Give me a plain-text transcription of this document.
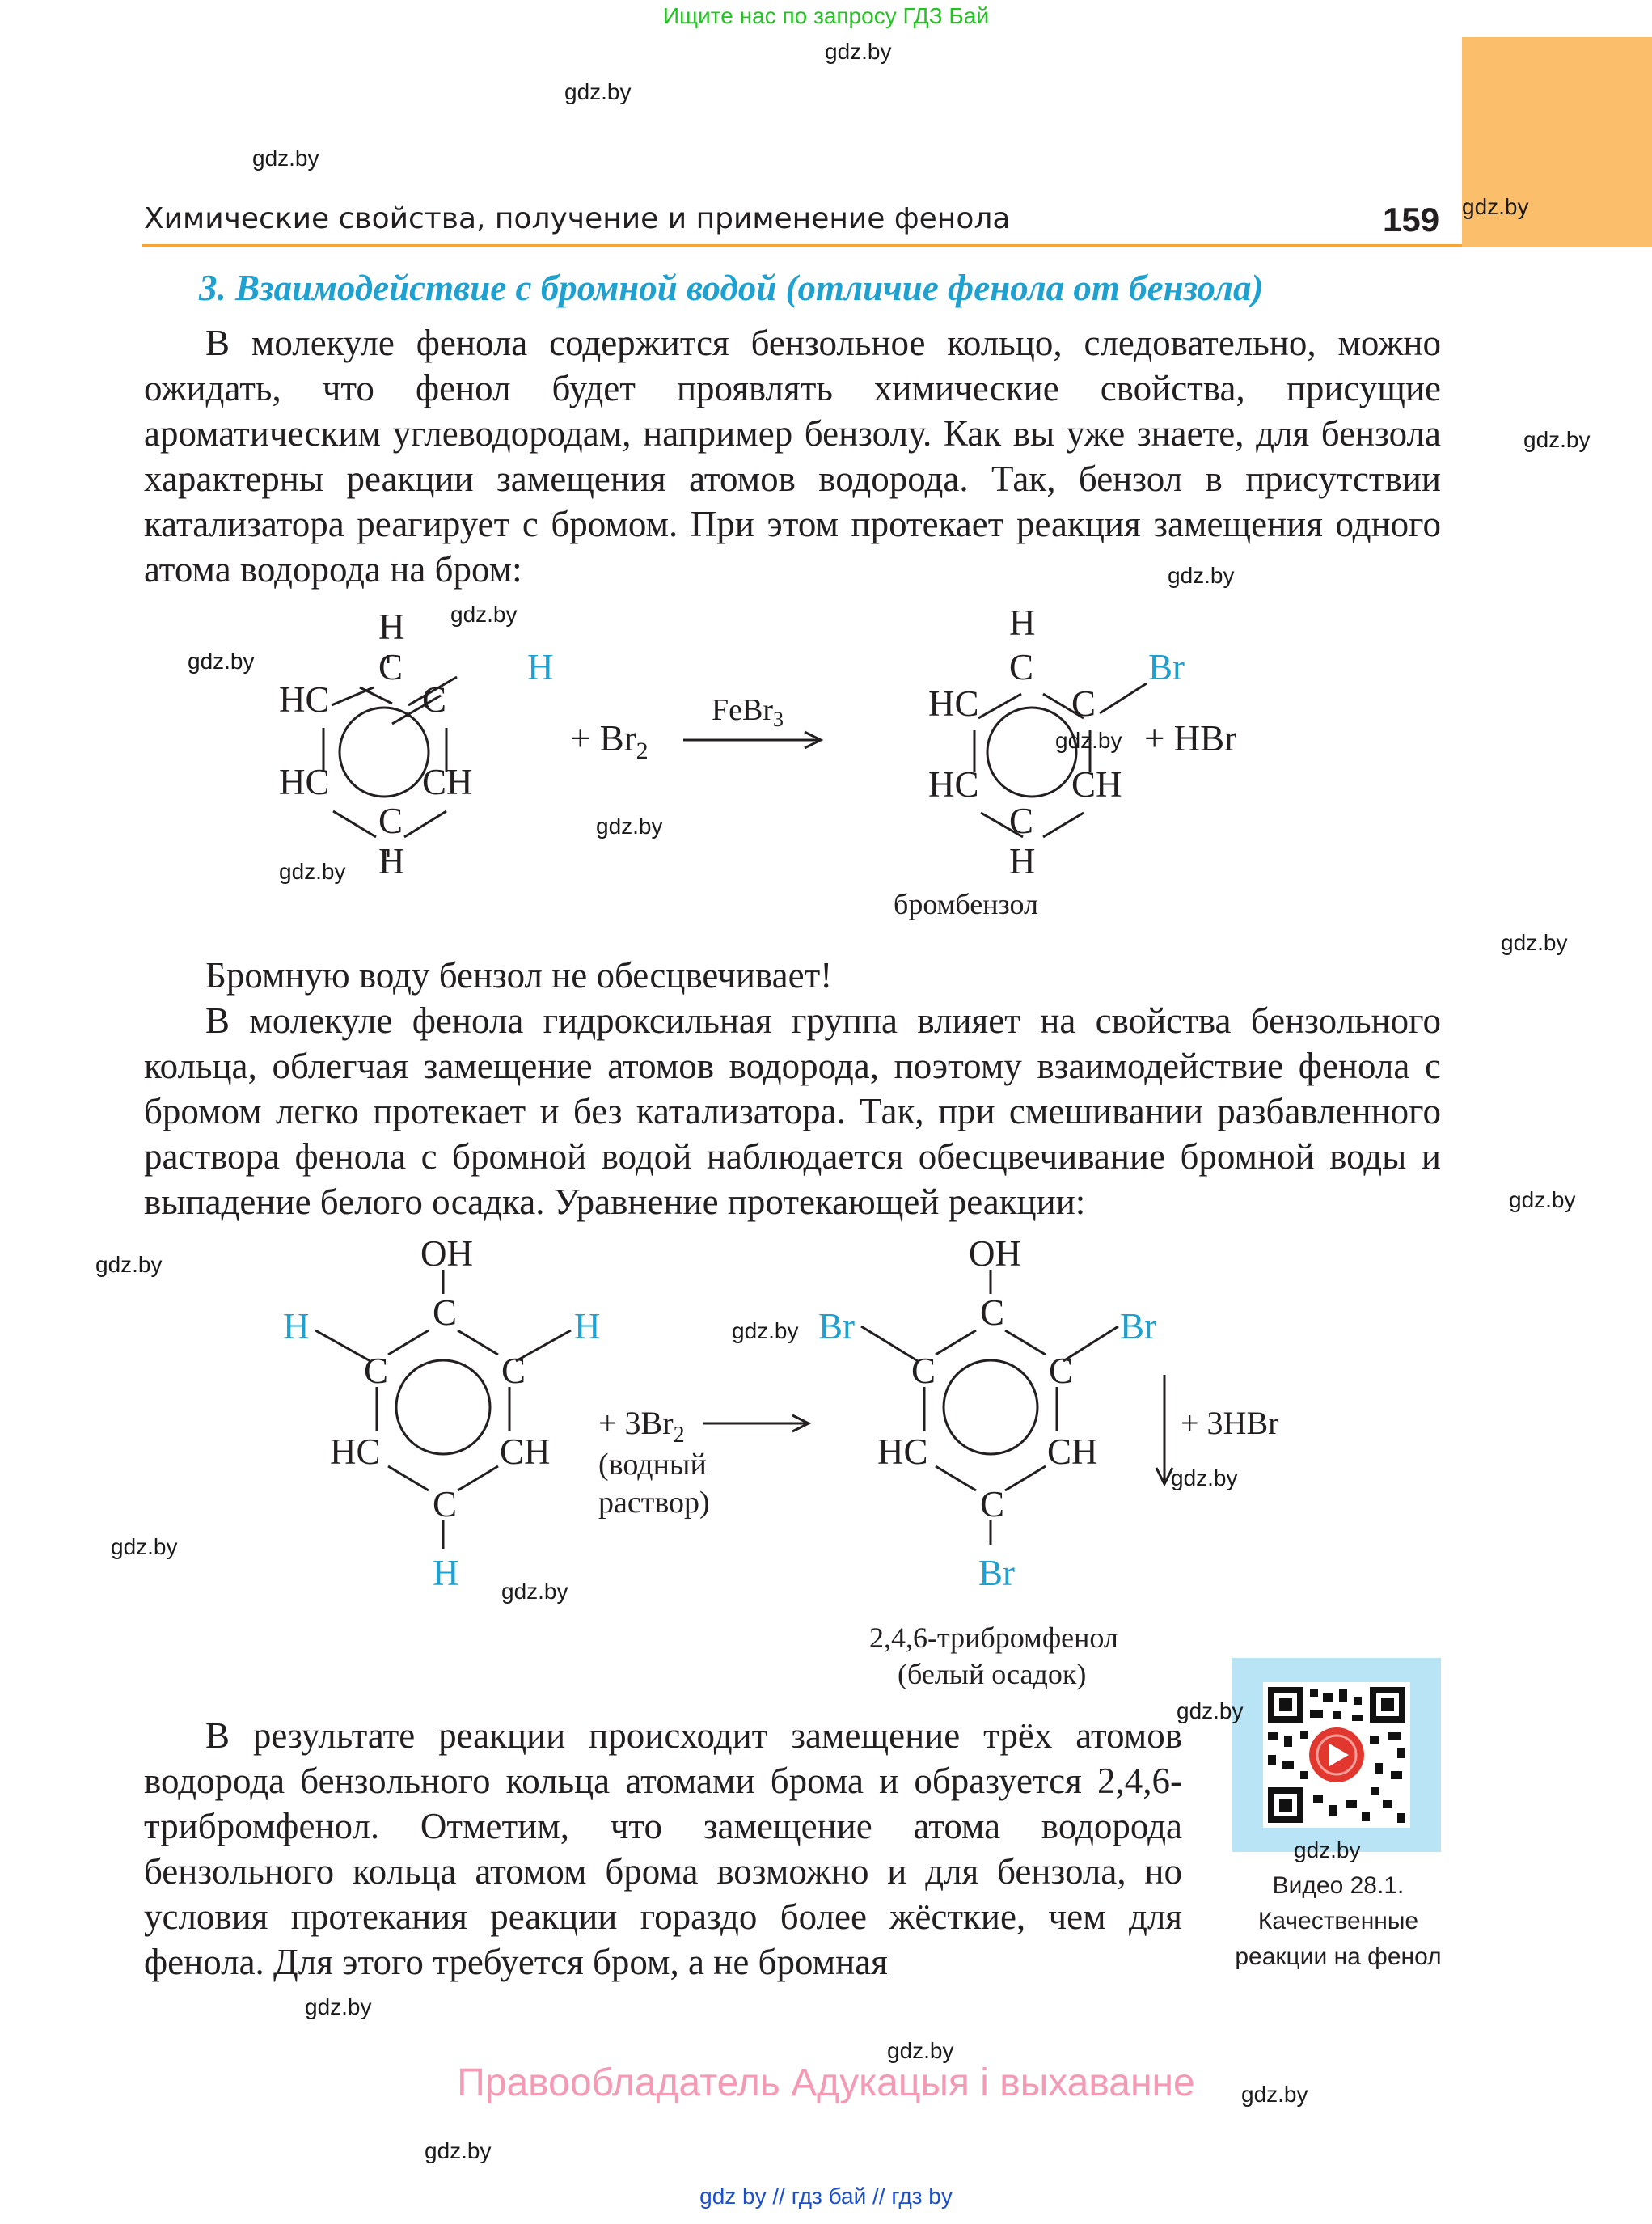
Ищите нас по запросу ГДЗ Бай
Химические свойства, получение и применение фенола	159
3. Взаимодействие с бромной водой (отличие фенола от бензола)
В молекуле фенола содержится бензольное кольцо, следовательно, можно ожидать, что фенол будет проявлять химические свойства, присущие ароматическим углеводородам, например бензолу. Как вы уже знаете, для бензола характерны реакции замещения атомов водорода. Так, бензол в присутствии катализатора реагирует с бромом. При этом протекает реакция замещения одного атома водорода на бром:
H
C
HC	C
H
HC	CH
C
H
+ $Br_2$
FeBr$_3$
H
C
HC	C
Br
HC	CH
C
H
+ HBr
бромбензол
Бромную воду бензол не обесцвечивает!
В молекуле фенола гидроксильная группа влияет на свойства бензольного кольца, облегчая замещение атомов водорода, поэтому взаимодействие фенола с бромом легко протекает и без катализатора. Так, при смешивании разбавленного раствора фенола с бромной водой наблюдается обесцвечивание бромной воды и выпадение белого осадка. Уравнение протекающей реакции:
OH
C
H	H
C	C
HC	CH
C
H
+ $3Br_2$
(водный
раствор)
OH
C
Br	Br
C	C
HC	CH
C
Br
+ 3HBr
2,4,6-трибромфенол
(белый осадок)
В результате реакции происходит замещение трёх атомов водорода бензольного кольца атомами брома и образуется 2,4,6-трибромфенол. Отметим, что замещение атома водорода бензольного кольца атомом брома возможно и для бензола, но условия протекания реакции гораздо более жёсткие, чем для фенола. Для этого требуется бром, а не бромная
Видео 28.1.
Качественные
реакции на фенол
Правообладатель Адукацыя і выхаванне
gdz by // гдз бай // гдз by
gdz.by
gdz.by
gdz.by
gdz.by
gdz.by
gdz.by
gdz.by
gdz.by
gdz.by
gdz.by
gdz.by
gdz.by
gdz.by
gdz.by
gdz.by
gdz.by
gdz.by
gdz.by
gdz.by
gdz.by
gdz.by
gdz.by
gdz.by
gdz.by
